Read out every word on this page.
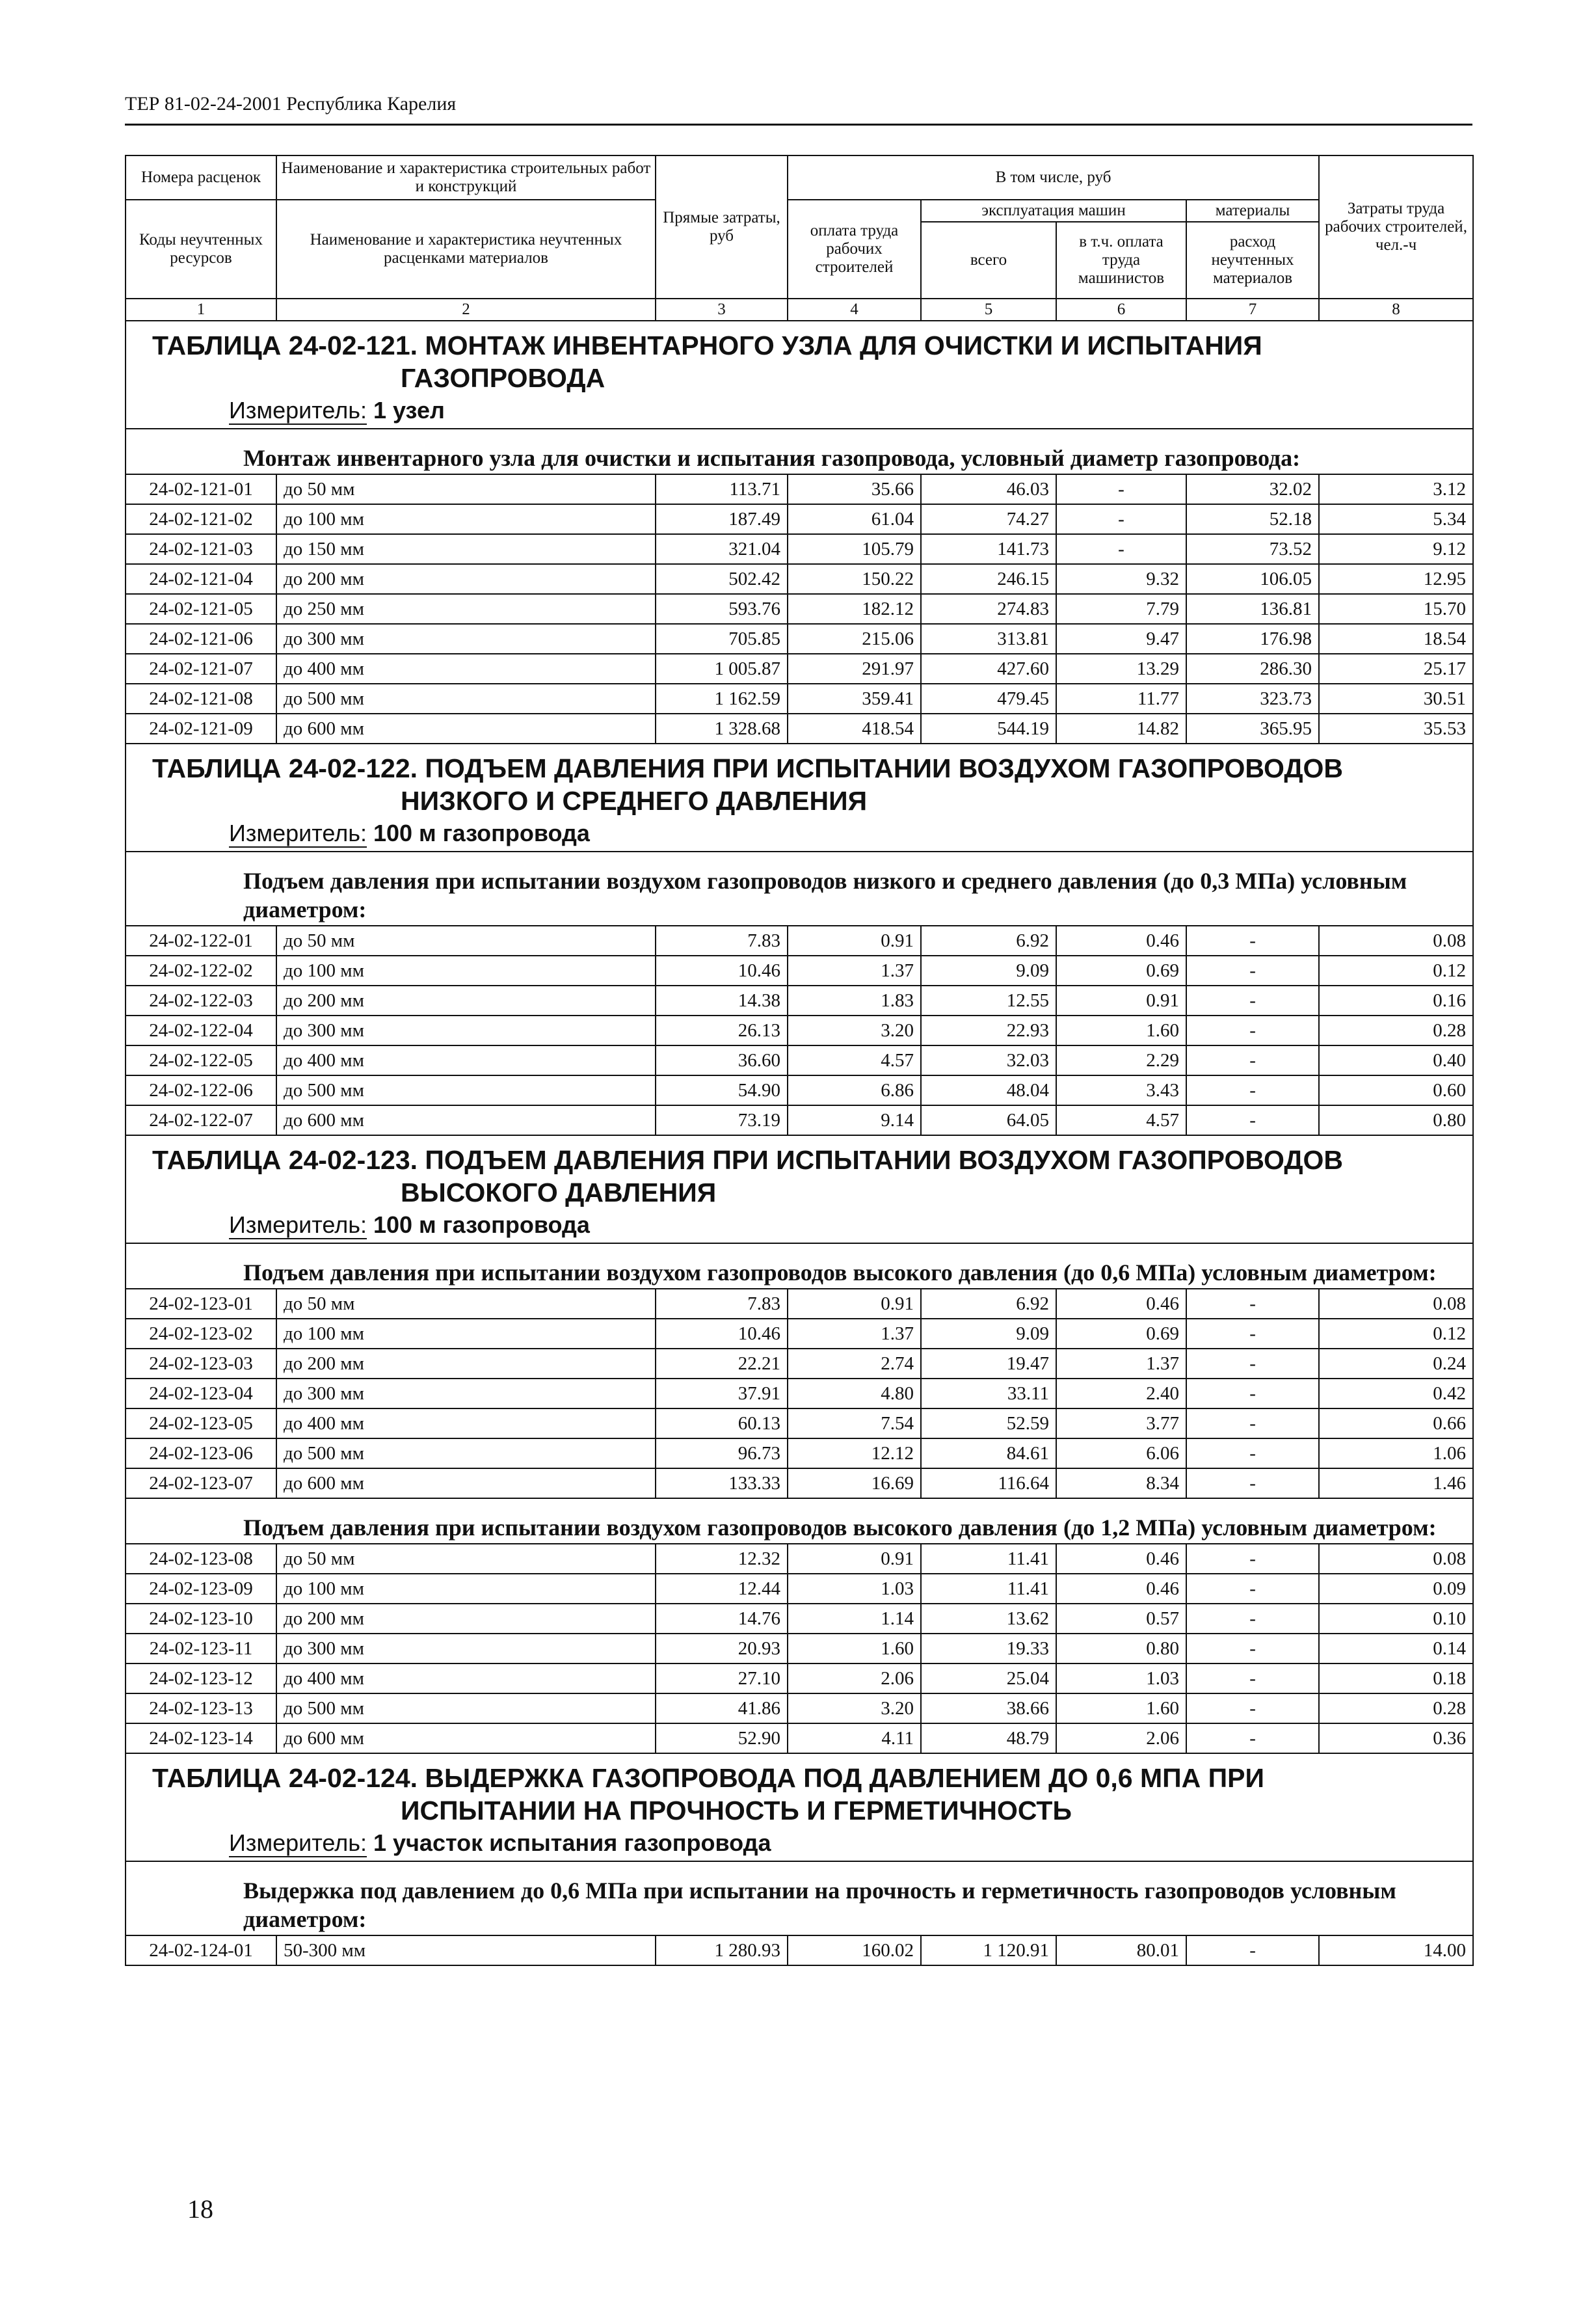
ТЕР 81-02-24-2001 Республика Карелия
Номера расценок	Наименование и характеристика строительных работ и конструкций	Прямые затраты, руб	В том числе, руб				Затраты труда рабочих строителей, чел.-ч
Коды неучтенных ресурсов	Наименование и характеристика неучтенных расценками материалов		оплата труда рабочих строителей	эксплуатация машин		материалы	
				всего	в т.ч. оплата труда машинистов	расход неучтенных материалов	
1	2	3	4	5	6	7	8

ТАБЛИЦА 24-02-121. МОНТАЖ ИНВЕНТАРНОГО УЗЛА ДЛЯ ОЧИСТКИ И ИСПЫТАНИЯ
ГАЗОПРОВОДА
Измеритель: 1 узел							

Монтаж инвентарного узла для очистки и испытания газопровода, условный диаметр газопровода:							

24-02-121-01	до 50 мм	113.71	35.66	46.03	-	32.02	3.12
24-02-121-02	до 100 мм	187.49	61.04	74.27	-	52.18	5.34
24-02-121-03	до 150 мм	321.04	105.79	141.73	-	73.52	9.12
24-02-121-04	до 200 мм	502.42	150.22	246.15	9.32	106.05	12.95
24-02-121-05	до 250 мм	593.76	182.12	274.83	7.79	136.81	15.70
24-02-121-06	до 300 мм	705.85	215.06	313.81	9.47	176.98	18.54
24-02-121-07	до 400 мм	1 005.87	291.97	427.60	13.29	286.30	25.17
24-02-121-08	до 500 мм	1 162.59	359.41	479.45	11.77	323.73	30.51
24-02-121-09	до 600 мм	1 328.68	418.54	544.19	14.82	365.95	35.53

ТАБЛИЦА 24-02-122. ПОДЪЕМ ДАВЛЕНИЯ ПРИ ИСПЫТАНИИ ВОЗДУХОМ ГАЗОПРОВОДОВ
НИЗКОГО И СРЕДНЕГО ДАВЛЕНИЯ
Измеритель: 100 м газопровода							

Подъем давления при испытании воздухом газопроводов низкого и среднего давления (до 0,3 МПа) условным диаметром:							

24-02-122-01	до 50 мм	7.83	0.91	6.92	0.46	-	0.08
24-02-122-02	до 100 мм	10.46	1.37	9.09	0.69	-	0.12
24-02-122-03	до 200 мм	14.38	1.83	12.55	0.91	-	0.16
24-02-122-04	до 300 мм	26.13	3.20	22.93	1.60	-	0.28
24-02-122-05	до 400 мм	36.60	4.57	32.03	2.29	-	0.40
24-02-122-06	до 500 мм	54.90	6.86	48.04	3.43	-	0.60
24-02-122-07	до 600 мм	73.19	9.14	64.05	4.57	-	0.80

ТАБЛИЦА 24-02-123. ПОДЪЕМ ДАВЛЕНИЯ ПРИ ИСПЫТАНИИ ВОЗДУХОМ ГАЗОПРОВОДОВ
ВЫСОКОГО ДАВЛЕНИЯ
Измеритель: 100 м газопровода							

Подъем давления при испытании воздухом газопроводов высокого давления (до 0,6 МПа) условным диаметром:							

24-02-123-01	до 50 мм	7.83	0.91	6.92	0.46	-	0.08
24-02-123-02	до 100 мм	10.46	1.37	9.09	0.69	-	0.12
24-02-123-03	до 200 мм	22.21	2.74	19.47	1.37	-	0.24
24-02-123-04	до 300 мм	37.91	4.80	33.11	2.40	-	0.42
24-02-123-05	до 400 мм	60.13	7.54	52.59	3.77	-	0.66
24-02-123-06	до 500 мм	96.73	12.12	84.61	6.06	-	1.06
24-02-123-07	до 600 мм	133.33	16.69	116.64	8.34	-	1.46

Подъем давления при испытании воздухом газопроводов высокого давления (до 1,2 МПа) условным диаметром:							

24-02-123-08	до 50 мм	12.32	0.91	11.41	0.46	-	0.08
24-02-123-09	до 100 мм	12.44	1.03	11.41	0.46	-	0.09
24-02-123-10	до 200 мм	14.76	1.14	13.62	0.57	-	0.10
24-02-123-11	до 300 мм	20.93	1.60	19.33	0.80	-	0.14
24-02-123-12	до 400 мм	27.10	2.06	25.04	1.03	-	0.18
24-02-123-13	до 500 мм	41.86	3.20	38.66	1.60	-	0.28
24-02-123-14	до 600 мм	52.90	4.11	48.79	2.06	-	0.36

ТАБЛИЦА 24-02-124. ВЫДЕРЖКА ГАЗОПРОВОДА ПОД ДАВЛЕНИЕМ ДО 0,6 МПА ПРИ
ИСПЫТАНИИ НА ПРОЧНОСТЬ И ГЕРМЕТИЧНОСТЬ
Измеритель: 1 участок испытания газопровода							

Выдержка под давлением до 0,6 МПа при испытании на прочность и герметичность газопроводов условным диаметром:							

24-02-124-01	50-300 мм	1 280.93	160.02	1 120.91	80.01	-	14.00
18
